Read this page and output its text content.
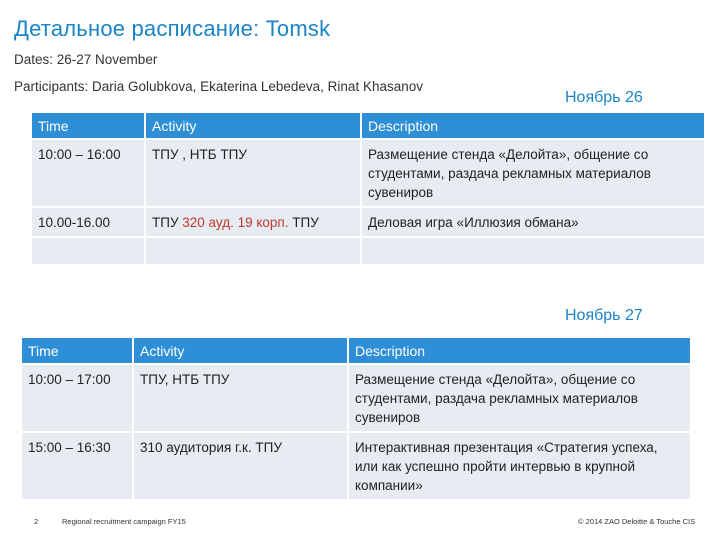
Детальное расписание: Tomsk
Dates: 26-27 November
Participants: Daria Golubkova, Ekaterina Lebedeva, Rinat Khasanov
Ноябрь 26
Time	Activity	Description
10:00 – 16:00	ТПУ , НТБ ТПУ	Размещение стенда «Делойта», общение со студентами, раздача рекламных материалов сувениров
10.00-16.00	ТПУ 320 ауд. 19 корп. ТПУ	Деловая игра «Иллюзия обмана»

Ноябрь 27
Time	Activity	Description
10:00 – 17:00	ТПУ, НТБ ТПУ	Размещение стенда «Делойта», общение со студентами, раздача рекламных материалов сувениров
15:00 – 16:30	310 аудитория г.к. ТПУ	Интерактивная презентация «Стратегия успеха, или как успешно пройти интервью в крупной компании»
2	Regional recruitment campaign FY15	© 2014 ZAO Deloitte & Touche CIS
